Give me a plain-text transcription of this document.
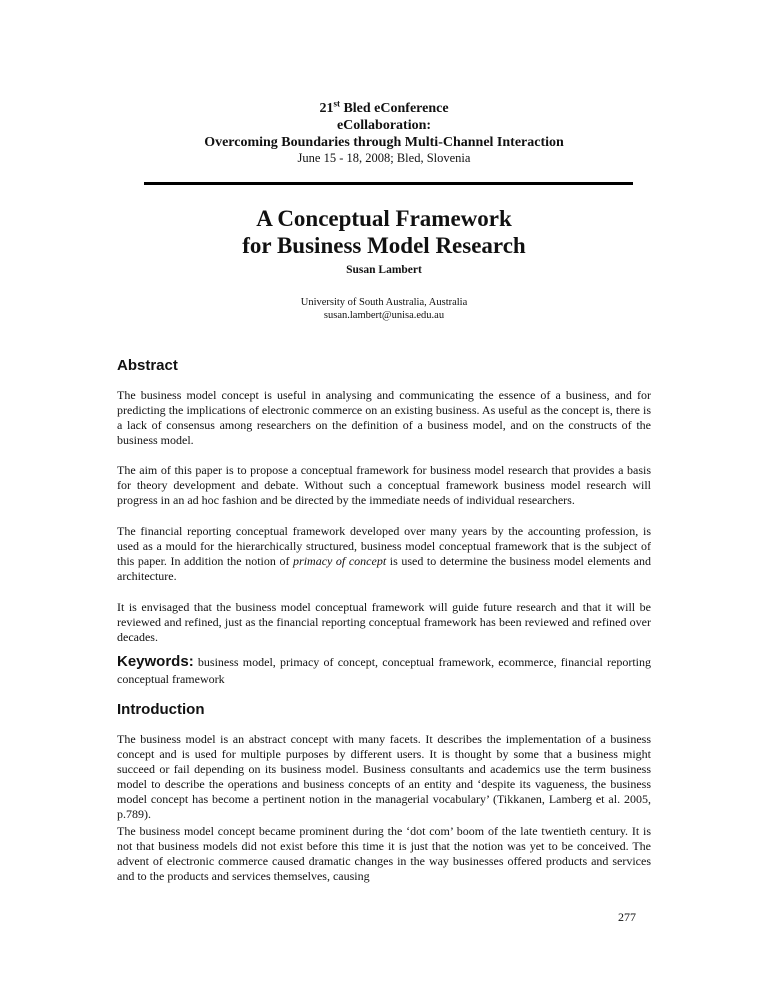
21st Bled eConference
eCollaboration:
Overcoming Boundaries through Multi-Channel Interaction
June 15 - 18, 2008; Bled, Slovenia
A Conceptual Framework
for Business Model Research
Susan Lambert
University of South Australia, Australia
susan.lambert@unisa.edu.au
Abstract

The business model concept is useful in analysing and communicating the essence of a business, and for predicting the implications of electronic commerce on an existing business. As useful as the concept is, there is a lack of consensus among researchers on the definition of a business model, and on the constructs of the business model.

The aim of this paper is to propose a conceptual framework for business model research that provides a basis for theory development and debate. Without such a conceptual framework business model research will progress in an ad hoc fashion and be directed by the immediate needs of individual researchers.

The financial reporting conceptual framework developed over many years by the accounting profession, is used as a mould for the hierarchically structured, business model conceptual framework that is the subject of this paper. In addition the notion of primacy of concept is used to determine the business model elements and architecture.

It is envisaged that the business model conceptual framework will guide future research and that it will be reviewed and refined, just as the financial reporting conceptual framework has been reviewed and refined over decades.

Keywords: business model, primacy of concept, conceptual framework, ecommerce, financial reporting conceptual framework

Introduction

The business model is an abstract concept with many facets. It describes the implementation of a business concept and is used for multiple purposes by different users. It is thought by some that a business might succeed or fail depending on its business model. Business consultants and academics use the term business model to describe the operations and business concepts of an entity and ‘despite its vagueness, the business model concept has become a pertinent notion in the managerial vocabulary’ (Tikkanen, Lamberg et al. 2005, p.789).

The business model concept became prominent during the ‘dot com’ boom of the late twentieth century. It is not that business models did not exist before this time it is just that the notion was yet to be conceived. The advent of electronic commerce caused dramatic changes in the way businesses offered products and services and to the products and services themselves, causing

277
